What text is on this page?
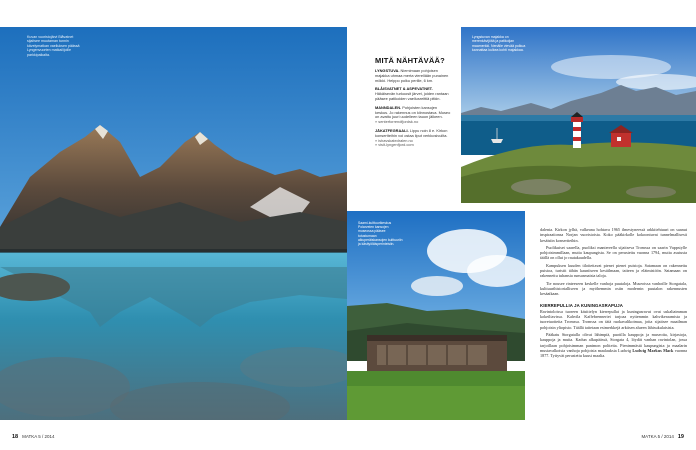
Kuvan vuoristojärvi Blåvatnet sijaitsee muutaman tunnin kävelymatkan vaelluksen päässä Lyngenvuorten matkailijoille parkkipaikalta.
MITÄ NÄHTÄVÄÄ?
LYNGSTUVA. Niemimaan pohjoisen majakka uhmaa merta vierellään punainen mökki. Helppo polku perille, 6 km.
BLÅISVATNET & ASPEVATNET. Häkäisevän turkoosit järvet, joiden rantaan pääsee patikoiden vaellusreittiä pitkin.
MANNDALEN. Pohjoisten kansojen keskus. Jo rakennus on kiinnostava. Museo on avattu juuri uudelleen tauon jälkeen.
» senterforrendfjordsk.no
JÄKATFEGRAALI. Lippu noin 8 e. Kirkon konsertteihin voi ostaa liput verkkosivuilta.
» ishavskatedralen.no
» visit-lyngenfjord.com
Lyngstuvan majakka on merenkävijöitä ja patikoijan maamerkki. Nenälle vievää polkua kannattaa kulkea kohti majakkaa.
Saami-kulttuurikeskus Polarveien kansojen museossa pääsee tutustumaan alkuperäiskansojen kulttuuriin ja käsityöläisperinteisiin.

dalenia. Kirkon jylhä, valkeana hohtava 1965 ilmestyneessä arkkitehtuuri on saanut inspiraationsa Norjan vuoristoista. Koko pääkirkolle kokoontuvat tunnelmallisesti kesäisiin konsertteihin.

Puolikuiset saarella, puoliksi mantereella sijaitseva Tromssa on saarin Vappstylle pohjoisimmillaan, mutta kaupungista. Se on perustettu vuonna 1794, mutta asutusta täällä on ollut jo rautakaudella.

Kampuksen kuuden tiloitettavat pienet pienet puistoja. Satamaan on rakennettu puistoa, turistit tähän kauniiseen kesäilmaan, taiteen ja eläimistöön. Satamaan on rakennettu tuhansia runsasmaisia taloja.

Tie nousee rinteeseen keskelle vanhoja puutaloja. Museoissa vanhoille Storgatala, kulttuurihistorialliseen ja myöhemmin osiin modernin puutalon rakennusten kesäaikaan.

KIERREPULLIA JA KUNINGASRAPUJA

Ravintoloissa tuoreen käsittelyn kierrepullat ja kuningasravut ovat uskaliaimman kokeiltavissa. Kahvila Kaffebrenneriet tarjoaa nyttemmin kahvikeraamista ja tuoretuotteita Tromssa. Tromssa on tätä ruokavalikoimaa, joita sijaitsee maailman pohjoisin yliopisto. Täällä taitetaan esimerkkejä arktisen alueen lähisukulaisista.

Pääkatu Storgatalla olivat lähimpiä, puotilla kauppoja ja museoita, kirjastoja, kauppoja ja muita. Kadun alkupäässä, Storgata 4, löydät vanhan ravintolan, jossa tarjoillaan pohjoisimman panimon poltteita. Pienimmästä kaupungista ja maalarin mustavalkoisia vanhoja pohjoisia maalauksia Ludwig Ludwig Markus Mack vuonna 1877. Tyttyvät perustettu kuusi maalia.

18 MATKA 5 / 2014	MATKA 5 / 2014 19
